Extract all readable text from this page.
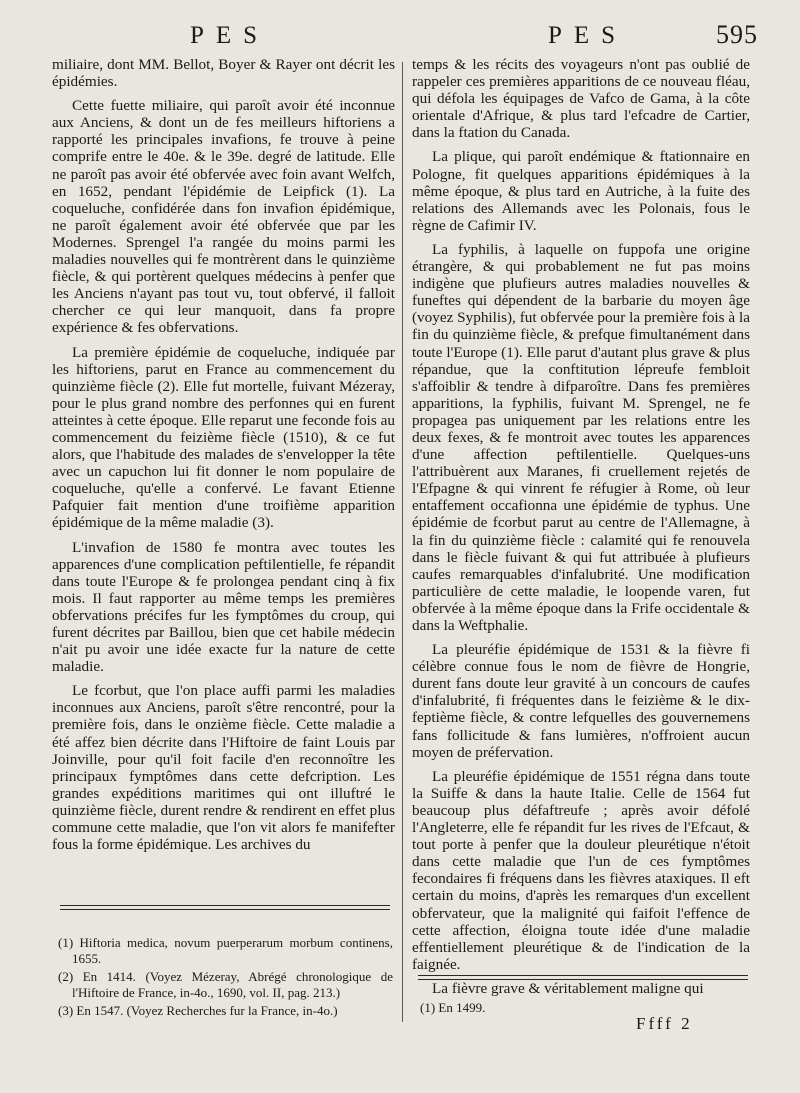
PES	PES	595

miliaire, dont MM. Bellot, Boyer & Rayer ont décrit les épidémies.

Cette fuette miliaire, qui paroît avoir été inconnue aux Anciens, & dont un de fes meilleurs hiftoriens a rapporté les principales invafions, fe trouve à peine comprife entre le 40e. & le 39e. degré de latitude. Elle ne paroît pas avoir été obfervée avec foin avant Welfch, en 1652, pendant l'épidémie de Leipfick (1). La coqueluche, confidérée dans fon invafion épidémique, ne paroît également avoir été obfervée que par les Modernes. Sprengel l'a rangée du moins parmi les maladies nouvelles qui fe montrèrent dans le quinzième fiècle, & qui portèrent quelques médecins à penfer que les Anciens n'ayant pas tout vu, tout obfervé, il falloit chercher ce qui leur manquoit, dans fa propre expérience & fes obfervations.

La première épidémie de coqueluche, indiquée par les hiftoriens, parut en France au commencement du quinzième fiècle (2). Elle fut mortelle, fuivant Mézeray, pour le plus grand nombre des perfonnes qui en furent atteintes à cette époque. Elle reparut une feconde fois au commencement du feizième fiècle (1510), & ce fut alors, que l'habitude des malades de s'envelopper la tête avec un capuchon lui fit donner le nom populaire de coqueluche, qu'elle a confervé. Le favant Etienne Pafquier fait mention d'une troifième apparition épidémique de la même maladie (3).

L'invafion de 1580 fe montra avec toutes les apparences d'une complication peftilentielle, fe répandit dans toute l'Europe & fe prolongea pendant cinq à fix mois. Il faut rapporter au même temps les premières obfervations précifes fur les fymptômes du croup, qui furent décrites par Baillou, bien que cet habile médecin n'ait pu avoir une idée exacte fur la nature de cette maladie.

Le fcorbut, que l'on place auffi parmi les maladies inconnues aux Anciens, paroît s'être rencontré, pour la première fois, dans le onzième fiècle. Cette maladie a été affez bien décrite dans l'Hiftoire de faint Louis par Joinville, pour qu'il foit facile d'en reconnoître les principaux fymptômes dans cette defcription. Les grandes expéditions maritimes qui ont illuftré le quinzième fiècle, durent rendre & rendirent en effet plus commune cette maladie, que l'on vit alors fe manifefter fous la forme épidémique. Les archives du

temps & les récits des voyageurs n'ont pas oublié de rappeler ces premières apparitions de ce nouveau fléau, qui défola les équipages de Vafco de Gama, à la côte orientale d'Afrique, & plus tard l'efcadre de Cartier, dans la ftation du Canada.

La plique, qui paroît endémique & ftationnaire en Pologne, fit quelques apparitions épidémiques à la même époque, & plus tard en Autriche, à la fuite des relations des Allemands avec les Polonais, fous le règne de Cafimir IV.

La fyphilis, à laquelle on fuppofa une origine étrangère, & qui probablement ne fut pas moins indigène que plufieurs autres maladies nouvelles & funeftes qui dépendent de la barbarie du moyen âge (voyez Syphilis), fut obfervée pour la première fois à la fin du quinzième fiècle, & prefque fimultanément dans toute l'Europe (1). Elle parut d'autant plus grave & plus répandue, que la conftitution lépreufe fembloit s'affoiblir & tendre à difparoître. Dans fes premières apparitions, la fyphilis, fuivant M. Sprengel, ne fe propagea pas uniquement par les relations entre les deux fexes, & fe montroit avec toutes les apparences d'une affection peftilentielle. Quelques-uns l'attribuèrent aux Maranes, fi cruellement rejetés de l'Efpagne & qui vinrent fe réfugier à Rome, où leur entaffement occafionna une épidémie de typhus. Une épidémie de fcorbut parut au centre de l'Allemagne, à la fin du quinzième fiècle : calamité qui fe renouvela dans le fiècle fuivant & qui fut attribuée à plufieurs caufes remarquables d'infalubrité. Une modification particulière de cette maladie, le loopende varen, fut obfervée à la même époque dans la Frife occidentale & dans la Weftphalie.

La pleuréfie épidémique de 1531 & la fièvre fi célèbre connue fous le nom de fièvre de Hongrie, durent fans doute leur gravité à un concours de caufes d'infalubrité, fi fréquentes dans le feizième & le dix-feptième fiècle, & contre lefquelles des gouvernemens fans follicitude & fans lumières, n'offroient aucun moyen de préfervation.

La pleuréfie épidémique de 1551 régna dans toute la Suiffe & dans la haute Italie. Celle de 1564 fut beaucoup plus défaftreufe ; après avoir défolé l'Angleterre, elle fe répandit fur les rives de l'Efcaut, & tout porte à penfer que la douleur pleurétique n'étoit dans cette maladie que l'un de ces fymptômes fecondaires fi fréquens dans les fièvres ataxiques. Il eft certain du moins, d'après les remarques d'un excellent obfervateur, que la malignité qui faifoit l'effence de cette affection, éloigna toute idée d'une maladie effentiellement pleurétique & de l'indication de la faignée.

La fièvre grave & véritablement maligne qui

(1) Hiftoria medica, novum puerperarum morbum continens, 1655.
(2) En 1414. (Voyez Mézeray, Abrégé chronologique de l'Hiftoire de France, in-4o., 1690, vol. II, pag. 213.)
(3) En 1547. (Voyez Recherches fur la France, in-4o.)	(1) En 1499.
Ffff 2
